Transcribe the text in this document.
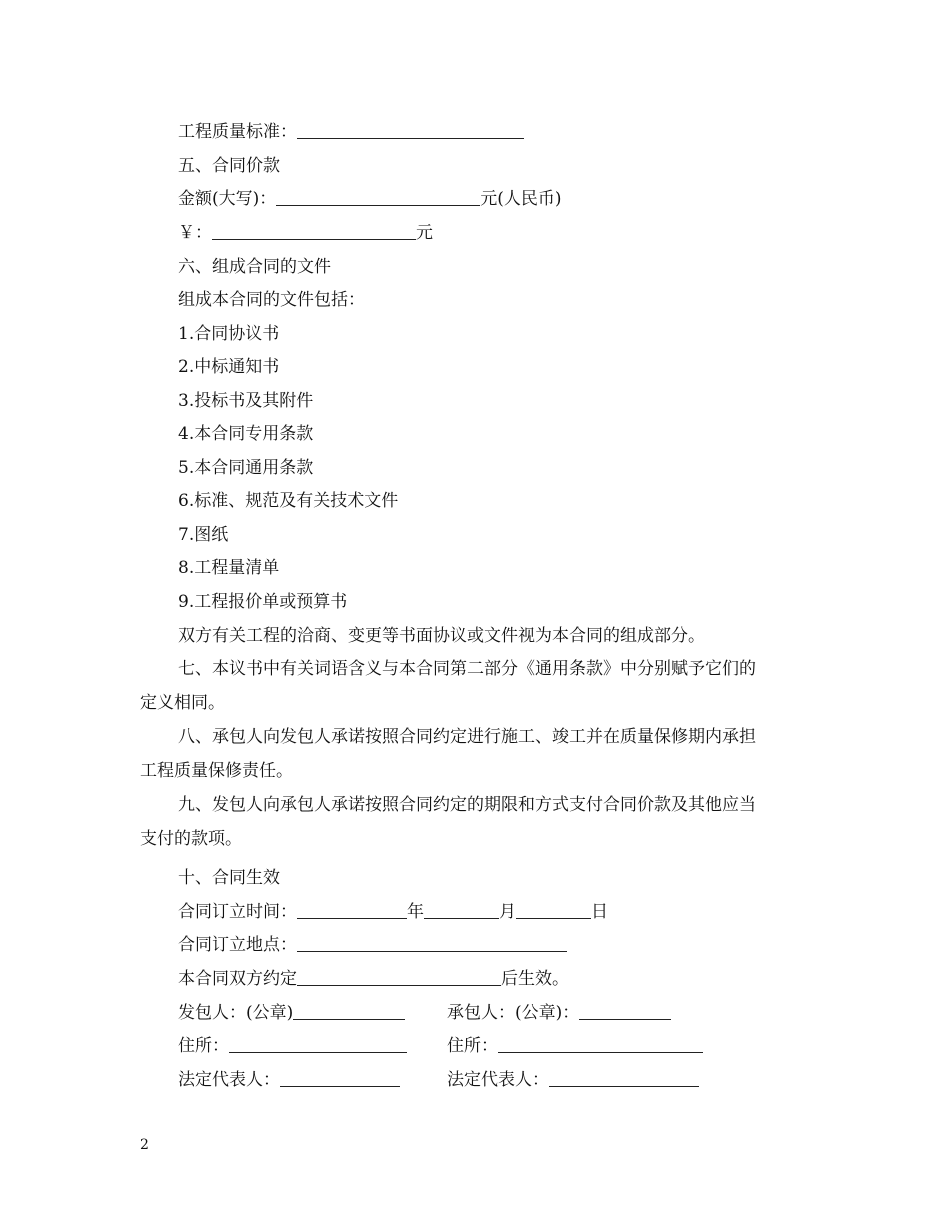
工程质量标准：
五、合同价款
金额(大写)：	元(人民币)
￥：	元
六、组成合同的文件
组成本合同的文件包括：
1.合同协议书
2.中标通知书
3.投标书及其附件
4.本合同专用条款
5.本合同通用条款
6.标准、规范及有关技术文件
7.图纸
8.工程量清单
9.工程报价单或预算书
双方有关工程的洽商、变更等书面协议或文件视为本合同的组成部分。
七、本议书中有关词语含义与本合同第二部分《通用条款》中分别赋予它们的
定义相同。
八、承包人向发包人承诺按照合同约定进行施工、竣工并在质量保修期内承担
工程质量保修责任。
九、发包人向承包人承诺按照合同约定的期限和方式支付合同价款及其他应当
支付的款项。
十、合同生效
合同订立时间：	年	月	日
合同订立地点：
本合同双方约定	后生效。
发包人：(公章)	承包人：(公章)：
住所：	住所：
法定代表人：	法定代表人：
2
